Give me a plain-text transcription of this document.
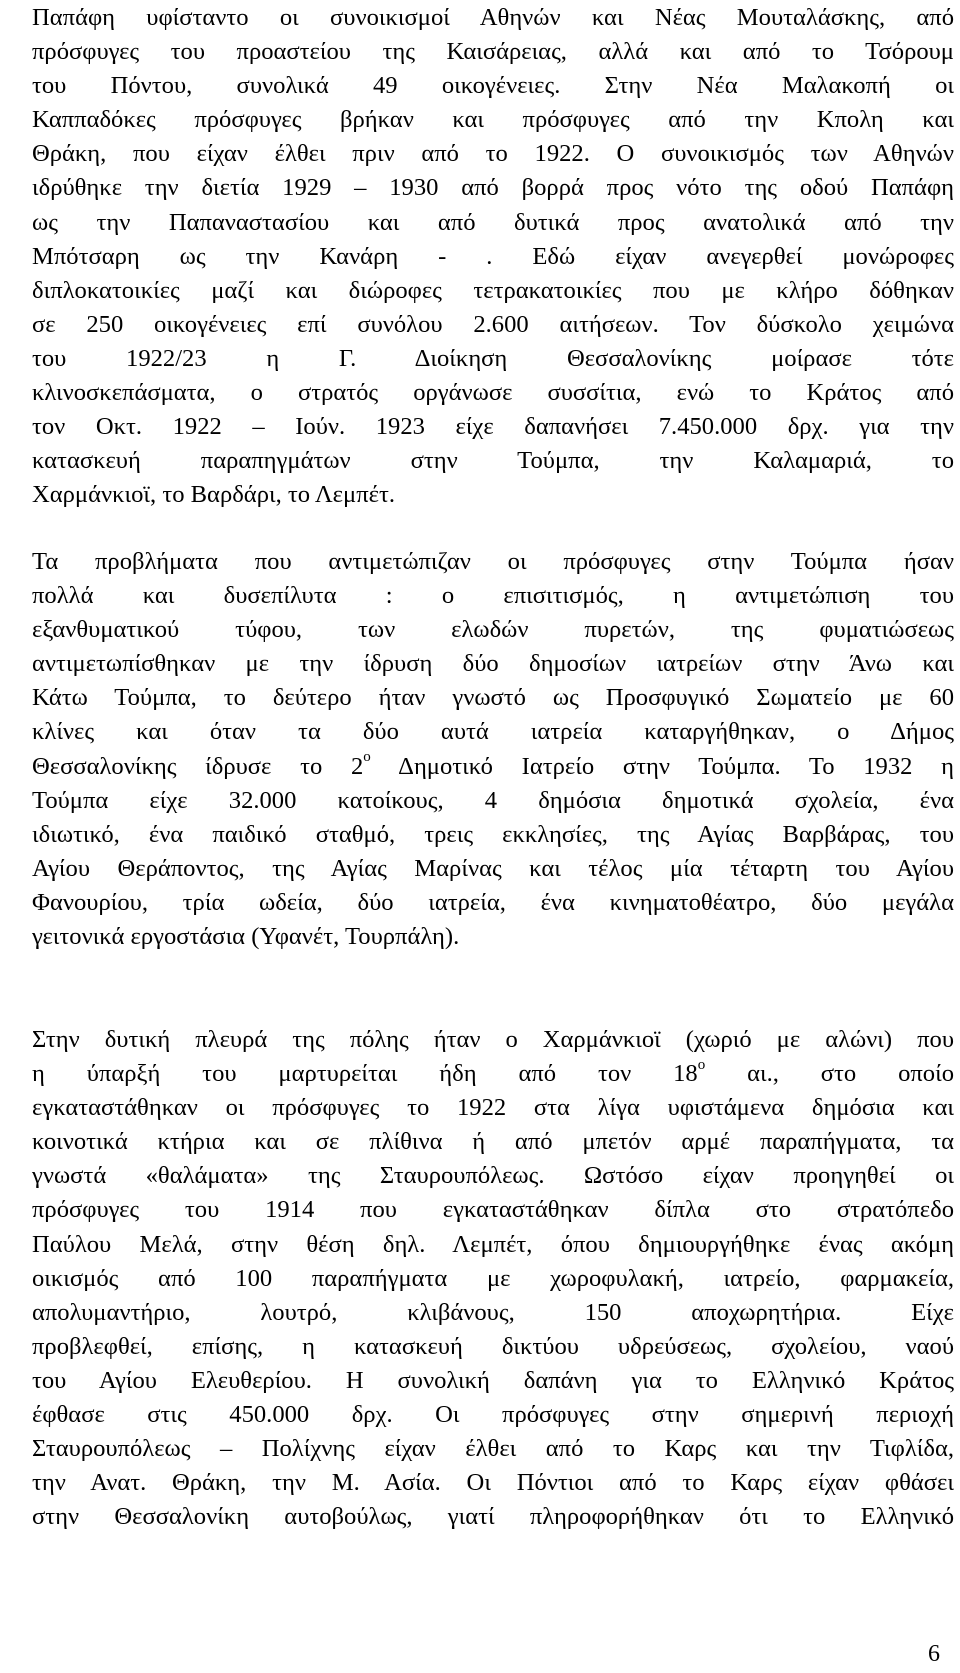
Παπάφη υφίσταντο οι συνοικισμοί Αθηνών και Νέας Μουταλάσκης, από
πρόσφυγες του προαστείου της Καισάρειας, αλλά και από το Τσόρουμ
του Πόντου, συνολικά 49 οικογένειες. Στην Νέα Μαλακοπή οι
Καππαδόκες πρόσφυγες βρήκαν και πρόσφυγες από την Κπολη και
Θράκη, που είχαν έλθει πριν από το 1922. Ο συνοικισμός των Αθηνών
ιδρύθηκε την διετία 1929 – 1930 από βορρά προς νότο της οδού Παπάφη
ως την Παπαναστασίου και από δυτικά προς ανατολικά από την
Μπότσαρη ως την Κανάρη - . Εδώ είχαν ανεγερθεί μονώροφες
διπλοκατοικίες μαζί και διώροφες τετρακατοικίες που με κλήρο δόθηκαν
σε 250 οικογένειες επί συνόλου 2.600 αιτήσεων. Τον δύσκολο χειμώνα
του 1922/23 η Γ. Διοίκηση Θεσσαλονίκης μοίρασε τότε
κλινοσκεπάσματα, ο στρατός οργάνωσε συσσίτια, ενώ το Κράτος από
τον Οκτ. 1922 – Ιούν. 1923 είχε δαπανήσει 7.450.000 δρχ. για την
κατασκευή παραπηγμάτων στην Τούμπα, την Καλαμαριά, το
Χαρμάνκιοϊ, το Βαρδάρι, το Λεμπέτ.
Τα προβλήματα που αντιμετώπιζαν οι πρόσφυγες στην Τούμπα ήσαν
πολλά και δυσεπίλυτα : ο επισιτισμός, η αντιμετώπιση του
εξανθυματικού τύφου, των ελωδών πυρετών, της φυματιώσεως
αντιμετωπίσθηκαν με την ίδρυση δύο δημοσίων ιατρείων στην Άνω και
Κάτω Τούμπα, το δεύτερο ήταν γνωστό ως Προσφυγικό Σωματείο με 60
κλίνες και όταν τα δύο αυτά ιατρεία καταργήθηκαν, ο Δήμος
Θεσσαλονίκης ίδρυσε το $2^o$ Δημοτικό Ιατρείο στην Τούμπα. Το 1932 η
Τούμπα είχε 32.000 κατοίκους, 4 δημόσια δημοτικά σχολεία, ένα
ιδιωτικό, ένα παιδικό σταθμό, τρεις εκκλησίες, της Αγίας Βαρβάρας, του
Αγίου Θεράποντος, της Αγίας Μαρίνας και τέλος μία τέταρτη του Αγίου
Φανουρίου, τρία ωδεία, δύο ιατρεία, ένα κινηματοθέατρο, δύο μεγάλα
γειτονικά εργοστάσια (Υφανέτ, Τουρπάλη).
Στην δυτική πλευρά της πόλης ήταν ο Χαρμάνκιοϊ (χωριό με αλώνι) που
η ύπαρξή του μαρτυρείται ήδη από τον $18^o$ αι., στο οποίο
εγκαταστάθηκαν οι πρόσφυγες το 1922 στα λίγα υφιστάμενα δημόσια και
κοινοτικά κτήρια και σε πλίθινα ή από μπετόν αρμέ παραπήγματα, τα
γνωστά «θαλάματα» της Σταυρουπόλεως. Ωστόσο είχαν προηγηθεί οι
πρόσφυγες του 1914 που εγκαταστάθηκαν δίπλα στο στρατόπεδο
Παύλου Μελά, στην θέση δηλ. Λεμπέτ, όπου δημιουργήθηκε ένας ακόμη
οικισμός από 100 παραπήγματα με χωροφυλακή, ιατρείο, φαρμακεία,
απολυμαντήριο, λουτρό, κλιβάνους, 150 αποχωρητήρια. Είχε
προβλεφθεί, επίσης, η κατασκευή δικτύου υδρεύσεως, σχολείου, ναού
του Αγίου Ελευθερίου. Η συνολική δαπάνη για το Ελληνικό Κράτος
έφθασε στις 450.000 δρχ. Οι πρόσφυγες στην σημερινή περιοχή
Σταυρουπόλεως – Πολίχνης είχαν έλθει από το Καρς και την Τιφλίδα,
την Ανατ. Θράκη, την Μ. Ασία. Οι Πόντιοι από το Καρς είχαν φθάσει
στην Θεσσαλονίκη αυτοβούλως, γιατί πληροφορήθηκαν ότι το Ελληνικό
6
